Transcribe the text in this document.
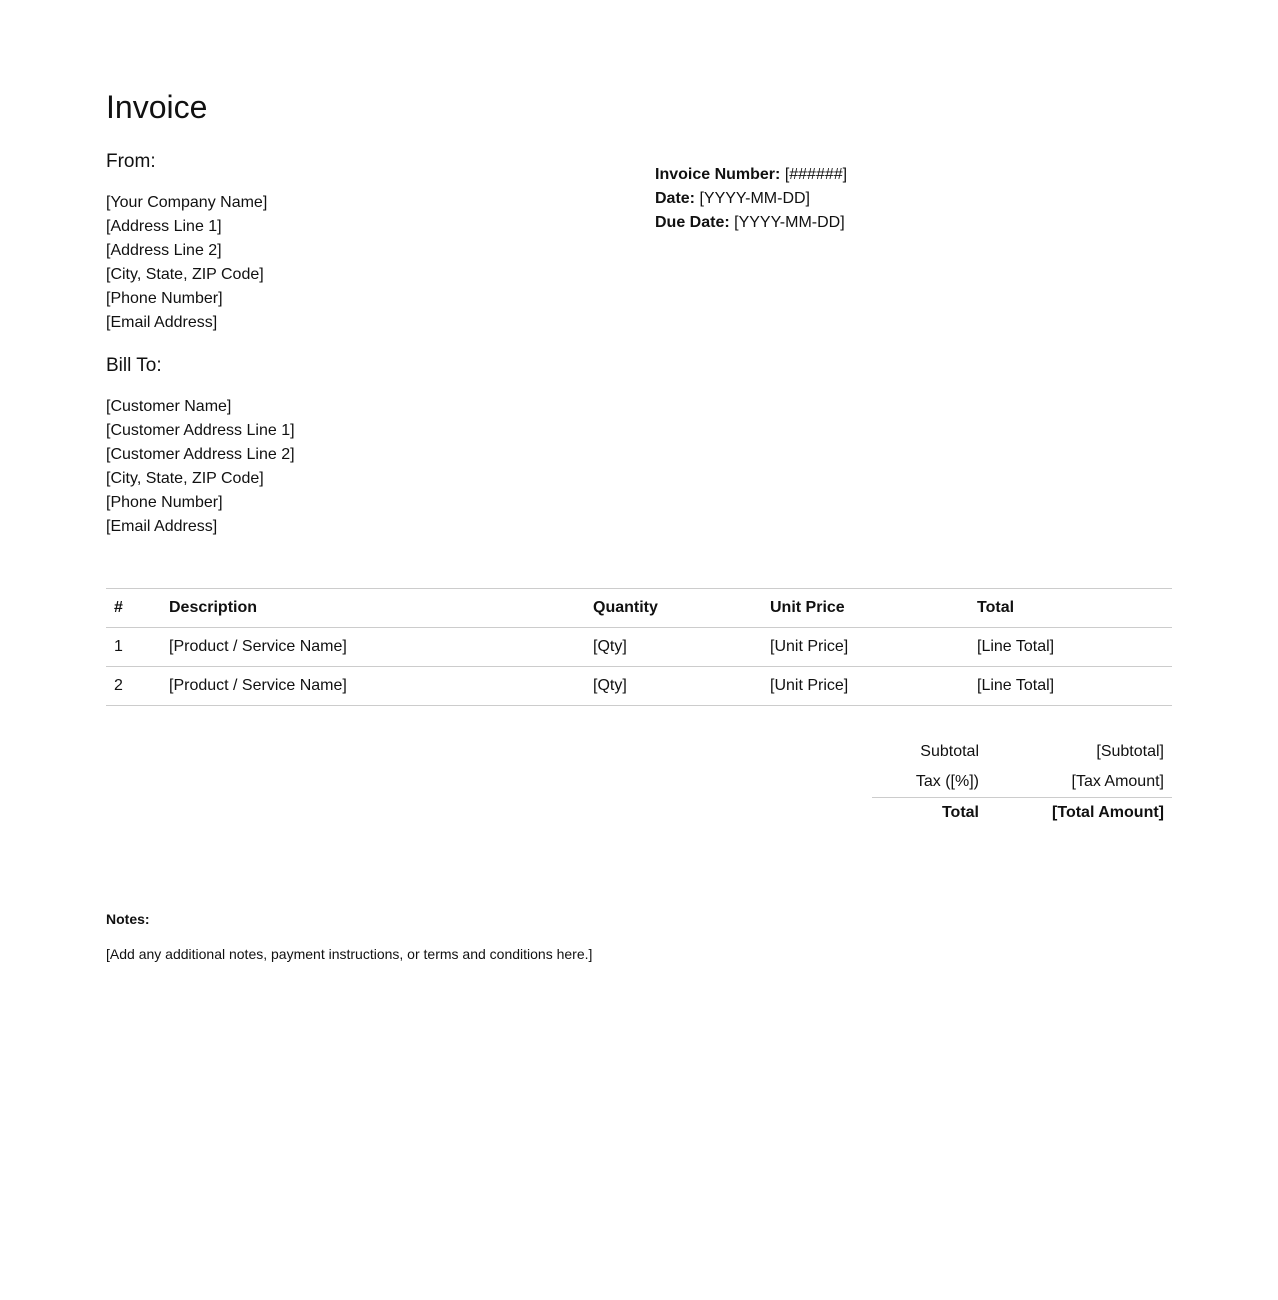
Invoice
From:
[Your Company Name]
[Address Line 1]
[Address Line 2]
[City, State, ZIP Code]
[Phone Number]
[Email Address]
Bill To:
[Customer Name]
[Customer Address Line 1]
[Customer Address Line 2]
[City, State, ZIP Code]
[Phone Number]
[Email Address]
Invoice Number: [######]
Date: [YYYY-MM-DD]
Due Date: [YYYY-MM-DD]
#	Description	Quantity	Unit Price	Total
1	[Product / Service Name]	[Qty]	[Unit Price]	[Line Total]
2	[Product / Service Name]	[Qty]	[Unit Price]	[Line Total]
Subtotal	[Subtotal]
Tax ([%])	[Tax Amount]
Total	[Total Amount]
Notes:
[Add any additional notes, payment instructions, or terms and conditions here.]
